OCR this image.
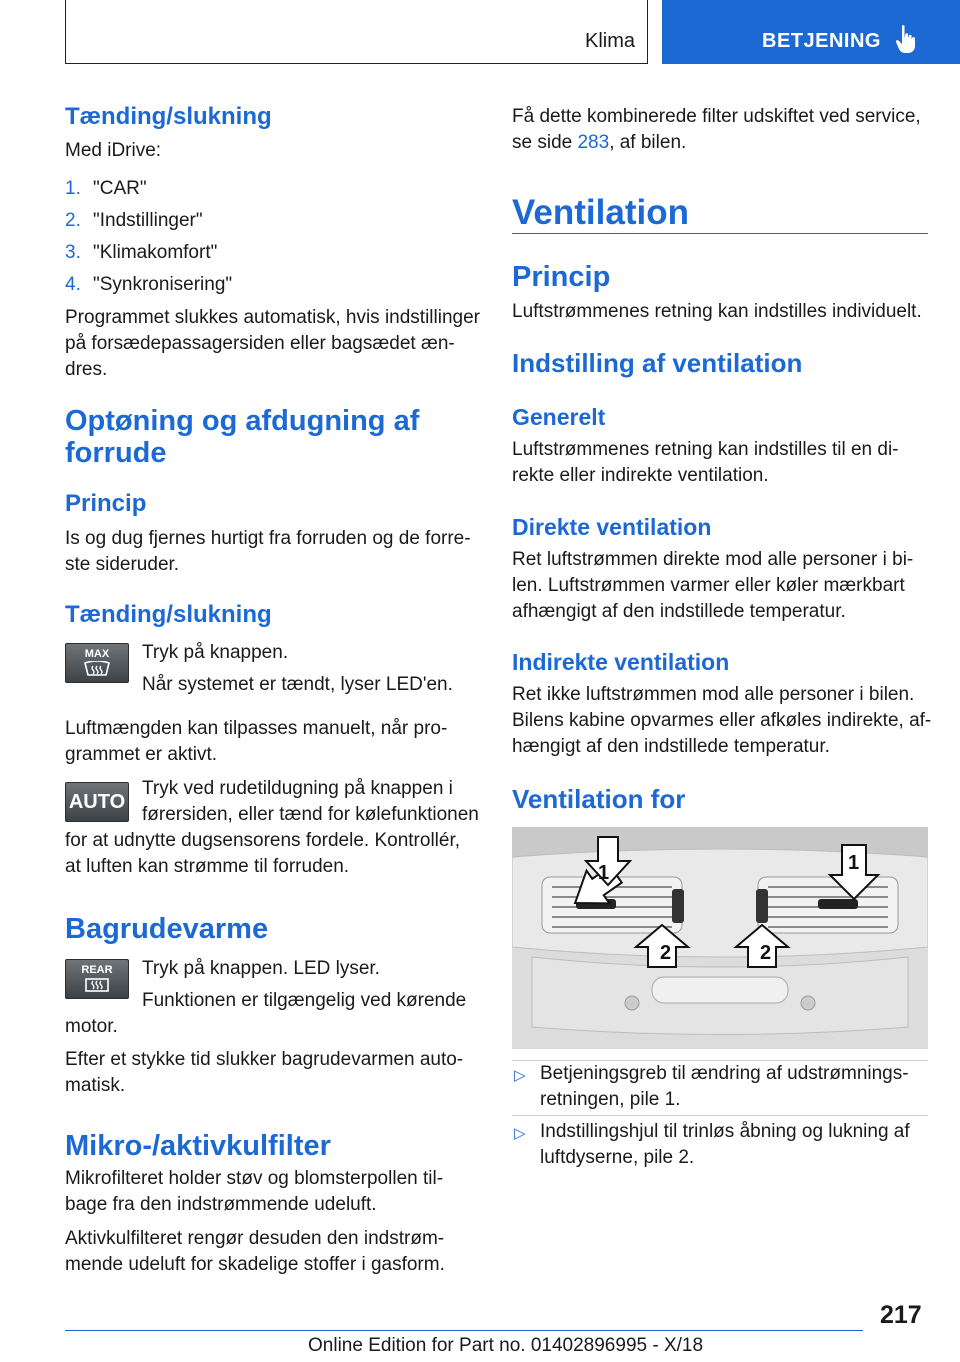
Klima	BETJENING
Tænding/slukning

Med iDrive:

1. "CAR"
2. "Indstillinger"
3. "Klimakomfort"
4. "Synkronisering"

Programmet slukkes automatisk, hvis indstillinger

på forsædepassagersiden eller bagsædet æn‐

dres.

Optøning og afdugning af
forrude
Princip

Is og dug fjernes hurtigt fra forruden og de forre‐

ste sideruder.

Tænding/slukning
MAX	Tryk på knappen.

Når systemet er tændt, lyser LED'en.

Luftmængden kan tilpasses manuelt, når pro‐

grammet er aktivt.

AUTO

Tryk ved rudetildugning på knappen i

førersiden, eller tænd for kølefunktionen

for at udnytte dugsensorens fordele. Kontrollér,

at luften kan strømme til forruden.

Bagrudevarme
REAR	Tryk på knappen. LED lyser.

Funktionen er tilgængelig ved kørende

motor.

Efter et stykke tid slukker bagrudevarmen auto‐

matisk.

Mikro-/aktivkulfilter

Mikrofilteret holder støv og blomsterpollen til‐

bage fra den indstrømmende udeluft.

Aktivkulfilteret rengør desuden den indstrøm‐

mende udeluft for skadelige stoffer i gasform.

Få dette kombinerede filter udskiftet ved service,

se side 283, af bilen.

Ventilation
Princip

Luftstrømmenes retning kan indstilles individuelt.

Indstilling af ventilation
Generelt

Luftstrømmenes retning kan indstilles til en di‐

rekte eller indirekte ventilation.

Direkte ventilation

Ret luftstrømmen direkte mod alle personer i bi‐

len. Luftstrømmen varmer eller køler mærkbart

afhængigt af den indstillede temperatur.

Indirekte ventilation

Ret ikke luftstrømmen mod alle personer i bilen.

Bilens kabine opvarmes eller afkøles indirekte, af‐

hængigt af den indstillede temperatur.

Ventilation for
1
2	2
1
▷ Betjeningsgreb til ændring af udstrømnings‐

retningen, pile 1.

▷ Indstillingshjul til trinløs åbning og lukning af

luftdyserne, pile 2.

217
Online Edition for Part no. 01402896995 - X/18
